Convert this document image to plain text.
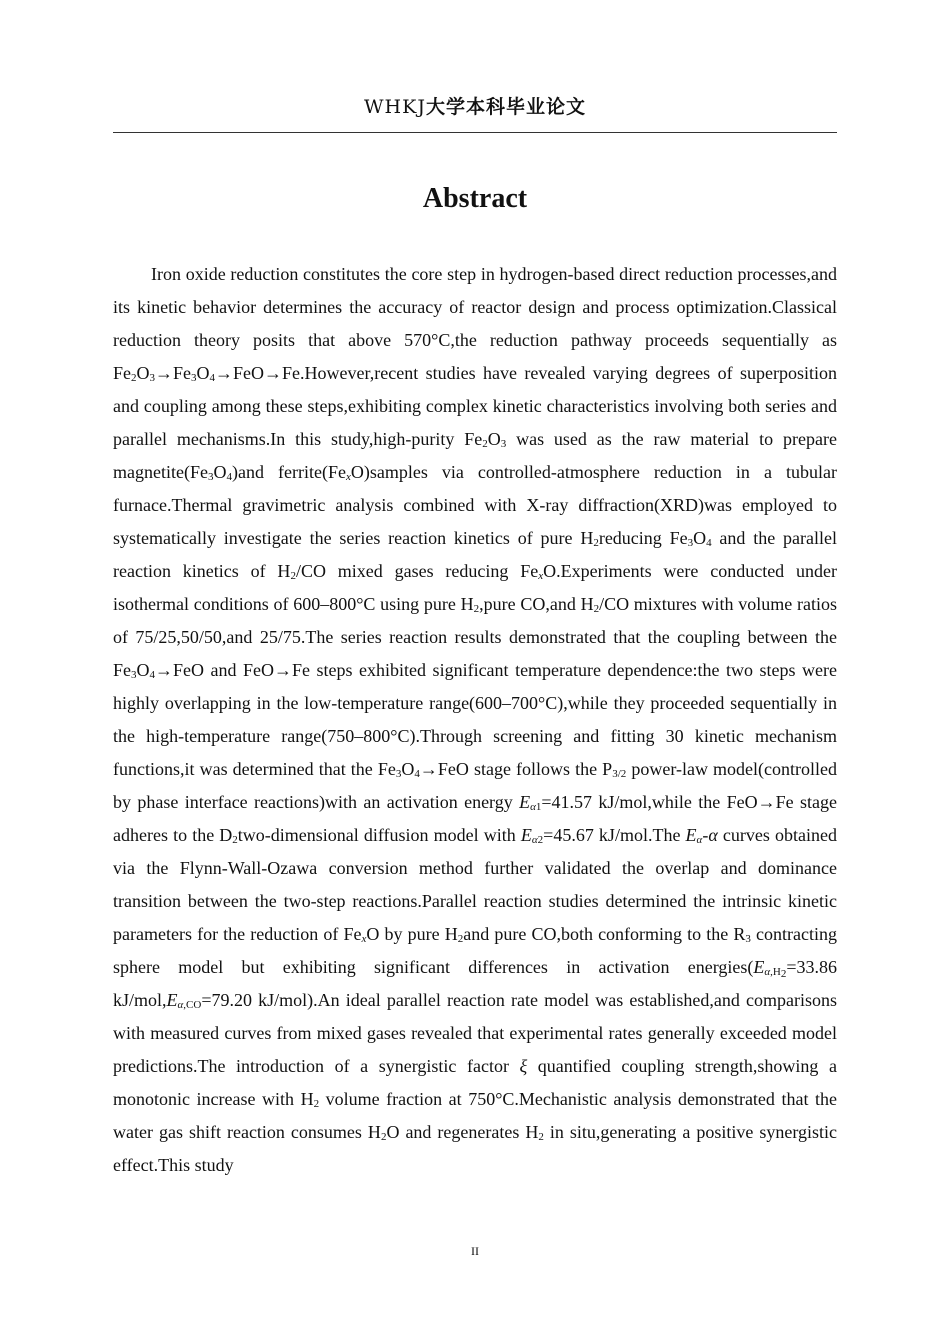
WHKJ大学本科毕业论文
Abstract
Iron oxide reduction constitutes the core step in hydrogen-based direct reduction processes,and its kinetic behavior determines the accuracy of reactor design and process optimization.Classical reduction theory posits that above 570°C,the reduction pathway proceeds sequentially as $Fe_2O_3\to Fe_3O_4\to FeO\to Fe.However,recent$ studies have revealed varying degrees of superposition and coupling among these steps,exhibiting complex kinetic characteristics involving both series and parallel mechanisms.In this study,high-purity $Fe_2O_3$ was used as the raw material to prepare $magnetite(Fe_3O_4)and$ $ferrite(Fe_xO)samples$ via controlled-atmosphere reduction in a tubular furnace.Thermal gravimetric analysis combined with X-ray diffraction(XRD)was employed to systematically investigate the series reaction kinetics of pure $H_2reducing$ $Fe_3O_4$ and the parallel reaction kinetics of $H_2/CO$ mixed gases reducing $Fe_xO.Experiments$ were conducted under isothermal conditions of 600–800°C using pure $H_2,pure$ CO,and $H_2/CO$ mixtures with volume ratios of 75/25,50/50,and 25/75.The series reaction results demonstrated that the coupling between the $Fe_3O_4\to FeO$ and FeO→Fe steps exhibited significant temperature dependence:the two steps were highly overlapping in the low-temperature range(600–700°C),while they proceeded sequentially in the high-temperature range(750–800°C).Through screening and fitting 30 kinetic mechanism functions,it was determined that the $Fe_3O_4\to FeO$ stage follows the $P_{3/2}$ power-law model(controlled by phase interface reactions)with an activation energy $E_{\alpha 1}=41.57$ kJ/mol,while the FeO→Fe stage adheres to the $D_2two$-dimensional diffusion model with $E_{\alpha 2}=45.67$ kJ/mol.The $E_\alpha-\alpha$ curves obtained via the Flynn-Wall-Ozawa conversion method further validated the overlap and dominance transition between the two-step reactions.Parallel reaction studies determined the intrinsic kinetic parameters for the reduction of $Fe_xO$ by pure $H_2and$ pure CO,both conforming to the $R_3$ contracting sphere model but exhibiting significant differences in activation $energies(E_{\alpha,H_2}=33.86$ $kJ/mol,E_{\alpha,CO}=79.20$ kJ/mol).An ideal parallel reaction rate model was established,and comparisons with measured curves from mixed gases revealed that experimental rates generally exceeded model predictions.The introduction of a synergistic factor ξ quantified coupling strength,showing a monotonic increase with $H_2$ volume fraction at 750°C.Mechanistic analysis demonstrated that the water gas shift reaction consumes $H_2O$ and regenerates $H_2$ in situ,generating a positive synergistic effect.This study
II
